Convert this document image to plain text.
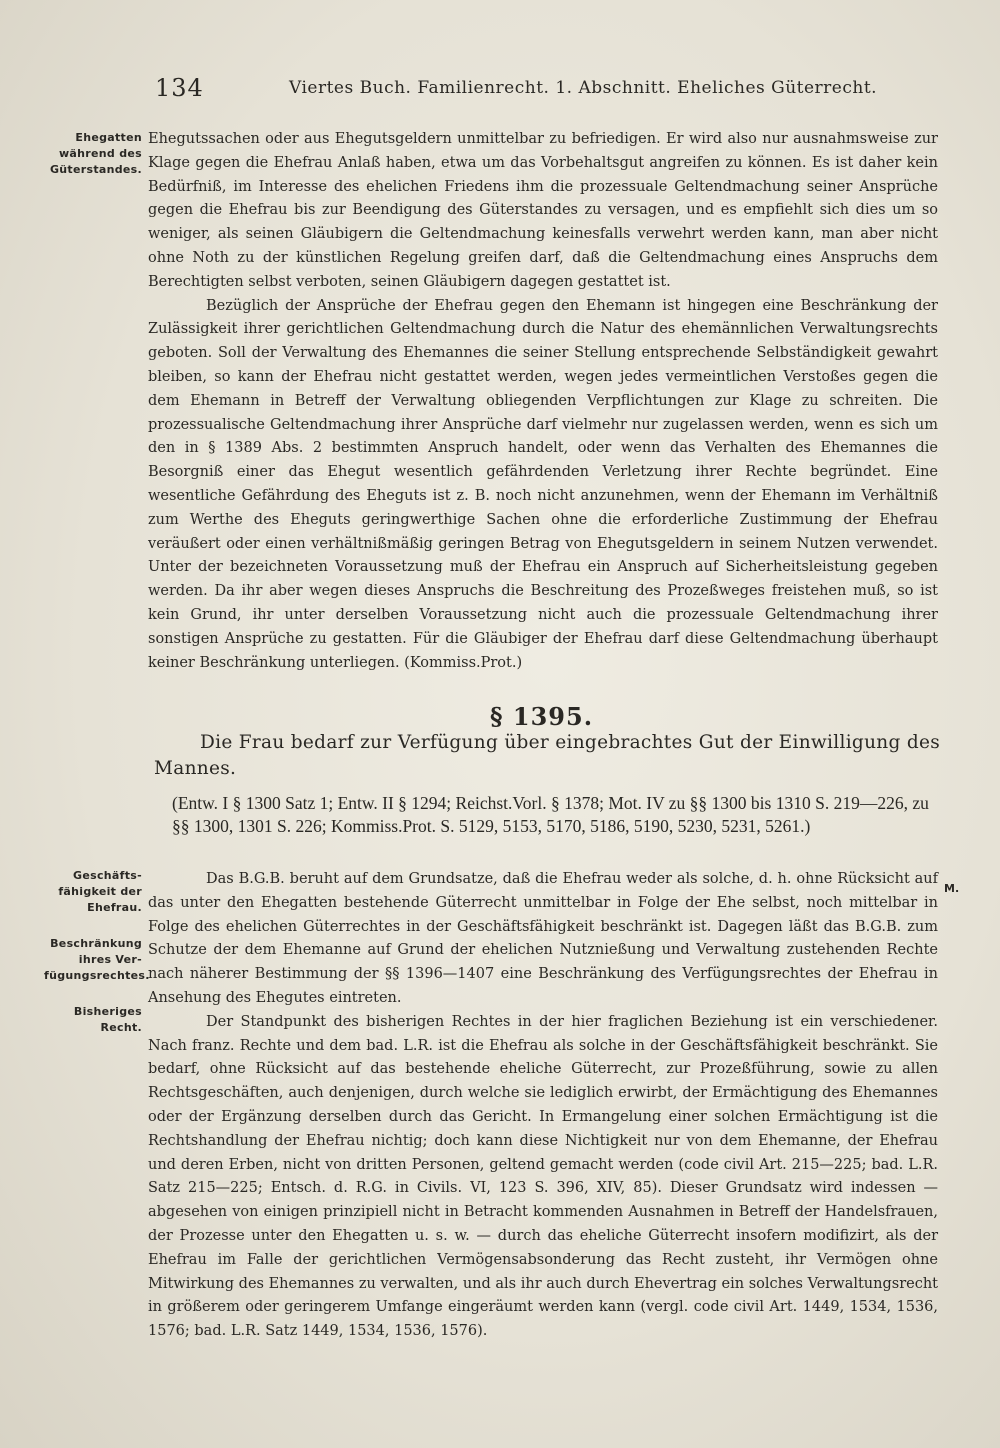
134	Viertes Buch. Familienrecht. 1. Abschnitt. Eheliches Güterrecht.
Ehegatten während des Güterstandes.

Ehegutssachen oder aus Ehegutsgeldern unmittelbar zu befriedigen. Er wird also nur ausnahmsweise zur Klage gegen die Ehefrau Anlaß haben, etwa um das Vorbehaltsgut angreifen zu können. Es ist daher kein Bedürfniß, im Interesse des ehelichen Friedens ihm die prozessuale Geltendmachung seiner Ansprüche gegen die Ehefrau bis zur Beendigung des Güterstandes zu versagen, und es empfiehlt sich dies um so weniger, als seinen Gläubigern die Geltendmachung keinesfalls verwehrt werden kann, man aber nicht ohne Noth zu der künstlichen Regelung greifen darf, daß die Geltendmachung eines Anspruchs dem Berechtigten selbst verboten, seinen Gläubigern dagegen gestattet ist.

Bezüglich der Ansprüche der Ehefrau gegen den Ehemann ist hingegen eine Beschränkung der Zulässigkeit ihrer gerichtlichen Geltendmachung durch die Natur des ehemännlichen Verwaltungsrechts geboten. Soll der Verwaltung des Ehemannes die seiner Stellung entsprechende Selbständigkeit gewahrt bleiben, so kann der Ehefrau nicht gestattet werden, wegen jedes vermeintlichen Verstoßes gegen die dem Ehemann in Betreff der Verwaltung obliegenden Verpflichtungen zur Klage zu schreiten. Die prozessualische Geltendmachung ihrer Ansprüche darf vielmehr nur zugelassen werden, wenn es sich um den in § 1389 Abs. 2 bestimmten Anspruch handelt, oder wenn das Verhalten des Ehemannes die Besorgniß einer das Ehegut wesentlich gefährdenden Verletzung ihrer Rechte begründet. Eine wesentliche Gefährdung des Eheguts ist z. B. noch nicht anzunehmen, wenn der Ehemann im Verhältniß zum Werthe des Eheguts geringwerthige Sachen ohne die erforderliche Zustimmung der Ehefrau veräußert oder einen verhältnißmäßig geringen Betrag von Ehegutsgeldern in seinem Nutzen verwendet. Unter der bezeichneten Voraussetzung muß der Ehefrau ein Anspruch auf Sicherheitsleistung gegeben werden. Da ihr aber wegen dieses Anspruchs die Beschreitung des Prozeßweges freistehen muß, so ist kein Grund, ihr unter derselben Voraussetzung nicht auch die prozessuale Geltendmachung ihrer sonstigen Ansprüche zu gestatten. Für die Gläubiger der Ehefrau darf diese Geltendmachung überhaupt keiner Beschränkung unterliegen. (Kommiss.Prot.)

§ 1395.
Die Frau bedarf zur Verfügung über eingebrachtes Gut der Einwilligung des
Mannes.
(Entw. I § 1300 Satz 1; Entw. II § 1294; Reichst.Vorl. § 1378; Mot. IV zu §§ 1300 bis 1310 S. 219—226, zu §§ 1300, 1301 S. 226; Kommiss.Prot. S. 5129, 5153, 5170, 5186, 5190, 5230, 5231, 5261.)
Geschäfts- fähigkeit der Ehefrau.
Beschränkung ihres Ver- fügungsrechtes.
Bisheriges Recht.
M.

Das B.G.B. beruht auf dem Grundsatze, daß die Ehefrau weder als solche, d. h. ohne Rücksicht auf das unter den Ehegatten bestehende Güterrecht unmittelbar in Folge der Ehe selbst, noch mittelbar in Folge des ehelichen Güterrechtes in der Geschäftsfähigkeit beschränkt ist. Dagegen läßt das B.G.B. zum Schutze der dem Ehemanne auf Grund der ehelichen Nutznießung und Verwaltung zustehenden Rechte nach näherer Bestimmung der §§ 1396—1407 eine Beschränkung des Verfügungsrechtes der Ehefrau in Ansehung des Ehegutes eintreten.

Der Standpunkt des bisherigen Rechtes in der hier fraglichen Beziehung ist ein verschiedener. Nach franz. Rechte und dem bad. L.R. ist die Ehefrau als solche in der Geschäftsfähigkeit beschränkt. Sie bedarf, ohne Rücksicht auf das bestehende eheliche Güterrecht, zur Prozeßführung, sowie zu allen Rechtsgeschäften, auch denjenigen, durch welche sie lediglich erwirbt, der Ermächtigung des Ehemannes oder der Ergänzung derselben durch das Gericht. In Ermangelung einer solchen Ermächtigung ist die Rechtshandlung der Ehefrau nichtig; doch kann diese Nichtigkeit nur von dem Ehemanne, der Ehefrau und deren Erben, nicht von dritten Personen, geltend gemacht werden (code civil Art. 215—225; bad. L.R. Satz 215—225; Entsch. d. R.G. in Civils. VI, 123 S. 396, XIV, 85). Dieser Grundsatz wird indessen — abgesehen von einigen prinzipiell nicht in Betracht kommenden Ausnahmen in Betreff der Handelsfrauen, der Prozesse unter den Ehegatten u. s. w. — durch das eheliche Güterrecht insofern modifizirt, als der Ehefrau im Falle der gerichtlichen Vermögensabsonderung das Recht zusteht, ihr Vermögen ohne Mitwirkung des Ehemannes zu verwalten, und als ihr auch durch Ehevertrag ein solches Verwaltungsrecht in größerem oder geringerem Umfange eingeräumt werden kann (vergl. code civil Art. 1449, 1534, 1536, 1576; bad. L.R. Satz 1449, 1534, 1536, 1576).
